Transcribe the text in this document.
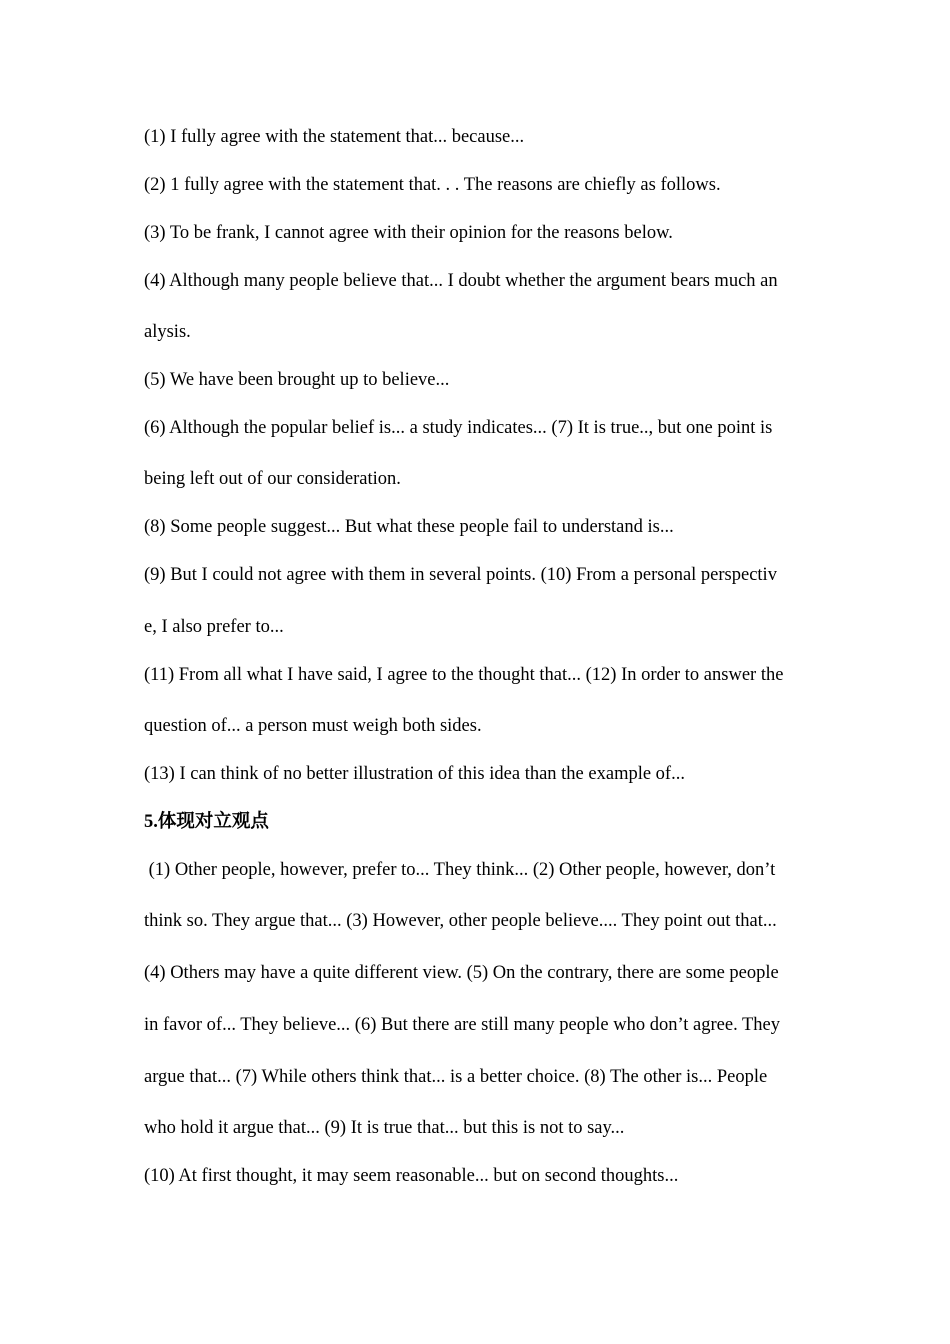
(1) I fully agree with the statement that... because...
(2) 1 fully agree with the statement that. . . The reasons are chiefly as follows.
(3) To be frank, I cannot agree with their opinion for the reasons below.
(4) Although many people believe that... I doubt whether the argument bears much an
alysis.
(5) We have been brought up to believe...
(6) Although the popular belief is... a study indicates... (7) It is true.., but one point is
being left out of our consideration.
(8) Some people suggest... But what these people fail to understand is...
(9) But I could not agree with them in several points. (10) From a personal perspectiv
e, I also prefer to...
(11) From all what I have said, I agree to the thought that... (12) In order to answer the
question of... a person must weigh both sides.
(13) I can think of no better illustration of this idea than the example of...
5.体现对立观点
(1) Other people, however, prefer to... They think... (2) Other people, however, don’t
think so. They argue that... (3) However, other people believe.... They point out that...
(4) Others may have a quite different view. (5) On the contrary, there are some people
in favor of... They believe... (6) But there are still many people who don’t agree. They
argue that... (7) While others think that... is a better choice. (8) The other is... People
who hold it argue that... (9) It is true that... but this is not to say...
(10) At first thought, it may seem reasonable... but on second thoughts...
